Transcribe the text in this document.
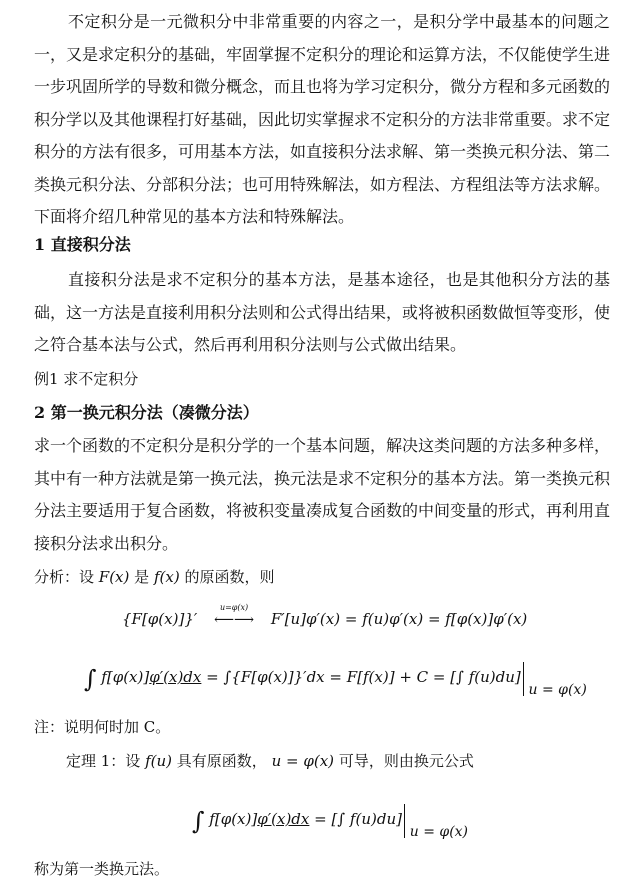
不定积分是一元微积分中非常重要的内容之一，是积分学中最基本的问题之一，又是求定积分的基础，牢固掌握不定积分的理论和运算方法，不仅能使学生进一步巩固所学的导数和微分概念，而且也将为学习定积分，微分方程和多元函数的积分学以及其他课程打好基础，因此切实掌握求不定积分的方法非常重要。求不定积分的方法有很多，可用基本方法，如直接积分法求解、第一类换元积分法、第二类换元积分法、分部积分法；也可用特殊解法，如方程法、方程组法等方法求解。下面将介绍几种常见的基本方法和特殊解法。

1 直接积分法

直接积分法是求不定积分的基本方法，是基本途径，也是其他积分方法的基础，这一方法是直接利用积分法则和公式得出结果，或将被积函数做恒等变形，使之符合基本法与公式，然后再利用积分法则与公式做出结果。

例1 求不定积分

2 第一换元积分法（凑微分法）

求一个函数的不定积分是积分学的一个基本问题，解决这类问题的方法多种多样，其中有一种方法就是第一换元法，换元法是求不定积分的基本方法。第一类换元积分法主要适用于复合函数，将被积变量凑成复合函数的中间变量的形式，再利用直接积分法求出积分。

分析：设 F(x) 是 f(x) 的原函数，则

{F[φ(x)]}′
u=φ(x)
⟵⟶ F′[u]φ′(x) = f(u)φ′(x) = f[φ(x)]φ′(x)
∫ f[φ(x)]φ′(x)dx = ∫{F[φ(x)]}′dx = F[f(x)] + C = [∫ f(u)du] u = φ(x)

注：说明何时加 C。

定理 1：设 f(u) 具有原函数， u = φ(x) 可导，则由换元公式

∫ f[φ(x)]φ′(x)dx = [∫ f(u)du] u = φ(x)

称为第一类换元法。
